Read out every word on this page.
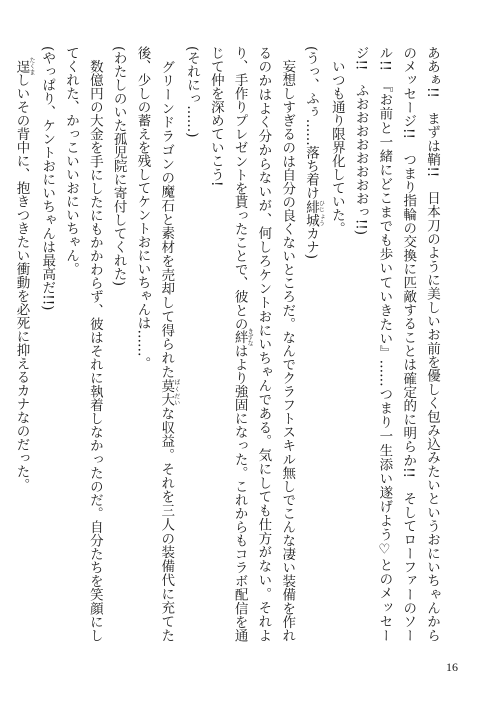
ああぁ!!　まずは鞘!!　日本刀のように美しいお前を優しく包み込みたいというおにいちゃんからのメッセージ!!　つまり指輪の交換に匹敵することは確定的に明らか!!　そしてローファーのソール!!　『お前と一緒にどこまでも歩いていきたい』……つまり一生添い遂げよう♡とのメッセージ!!　ふおおおおおおおおっ!!)

　いつも通り限界化していた。

(うっ、ふぅ……落ち着け緋城ひじょうカナ)

　妄想しすぎるのは自分の良くないところだ。なんでクラフトスキル無しでこんな凄い装備を作れるのかはよく分からないが、何しろケントおにいちゃんである。気にしても仕方がない。それより、手作りプレゼントを貰ったことで、彼との絆きずなはより強固になった。これからもコラボ配信を通じて仲を深めていこう!

(それにっ……)

　グリーンドラゴンの魔石と素材を売却して得られた莫大ばくだいな収益。それを三人の装備代に充てた後、少しの蓄えを残してケントおにいちゃんは……。

(わたしのいた孤児院に寄付してくれた)

　数億円の大金を手にしたにもかかわらず、彼はそれに執着しなかったのだ。自分たちを笑顔にしてくれた、かっこいいおにいちゃん。

(やっぱり、ケントおにいちゃんは最高だ!!)

　逞たくましいその背中に、抱きつきたい衝動を必死に抑えるカナなのだった。

16
